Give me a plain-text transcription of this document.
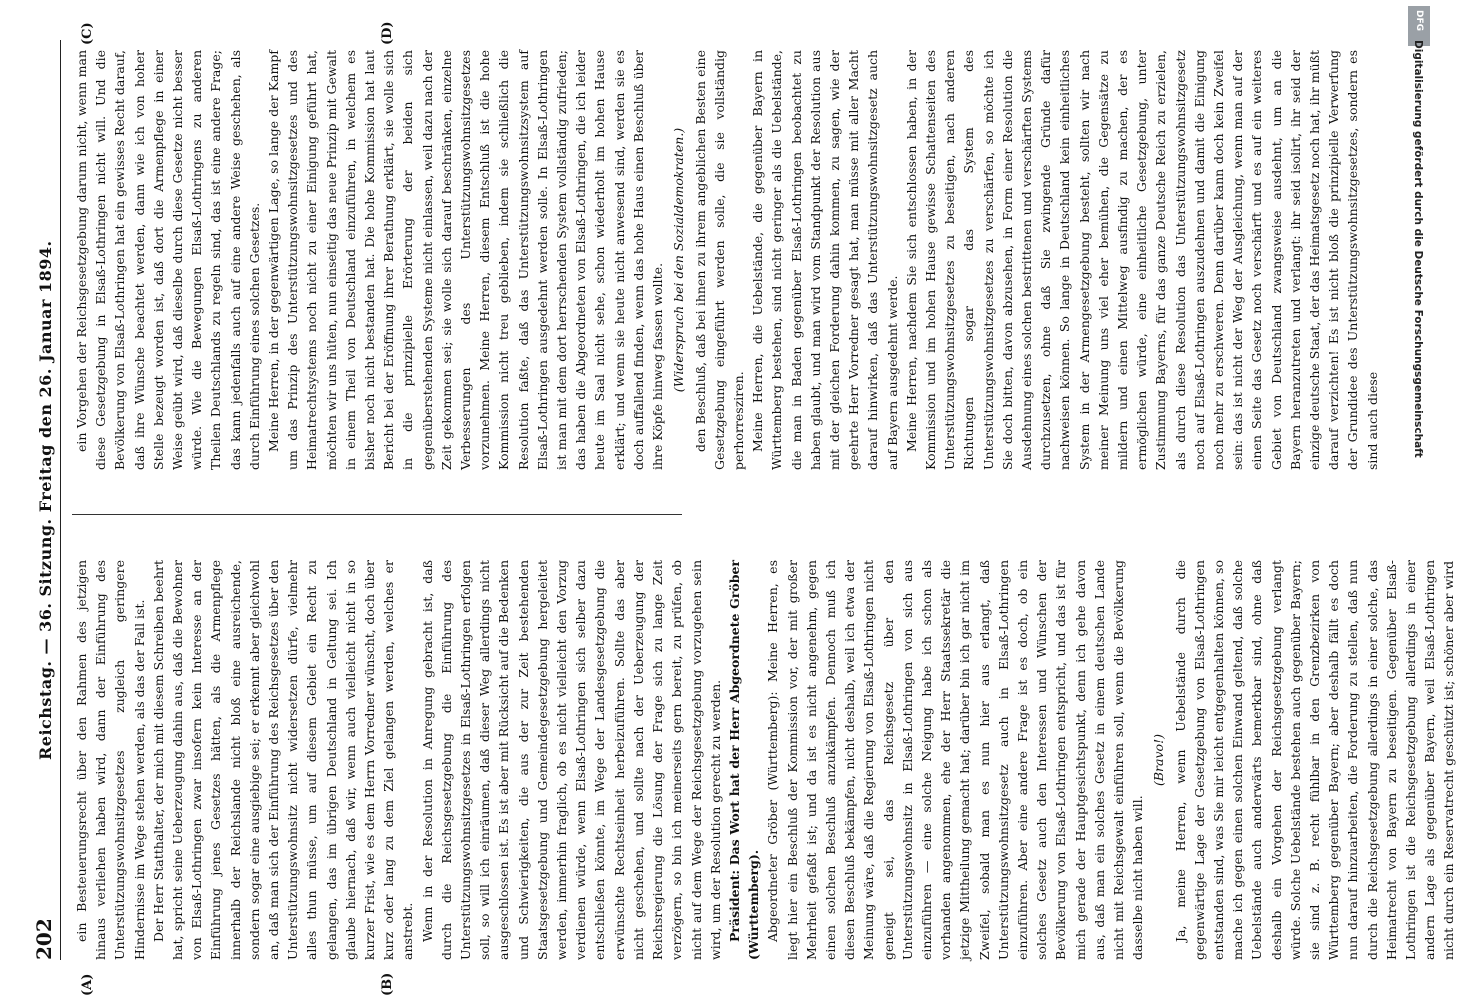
202
Reichstag. — 36. Sitzung. Freitag den 26. Januar 1894.
(A)	(B)
(C)	(D)

ein Besteuerungsrecht über den Rahmen des jetzigen hinaus verliehen haben wird, dann der Einführung des Unterstützungswohnsitzgesetzes zugleich geringere Hindernisse im Wege stehen werden, als das der Fall ist. Der Herr Statthalter, der mich mit diesem Schreiben beehrt hat, spricht seine Ueberzeugung dahin aus, daß die Bewohner von Elsaß-Lothringen zwar insofern kein Interesse an der Einführung jenes Gesetzes hätten, als die Armenpflege innerhalb der Reichslande nicht bloß eine ausreichende, sondern sogar eine ausgiebige sei; er erkennt aber gleichwohl an, daß man sich der Einführung des Reichsgesetzes über den Unterstützungswohnsitz nicht widersetzen dürfe, vielmehr alles thun müsse, um auf diesem Gebiet ein Recht zu gelangen, das im übrigen Deutschland in Geltung sei. Ich glaube hiernach, daß wir, wenn auch vielleicht nicht in so kurzer Frist, wie es dem Herrn Vorredner wünscht, doch über kurz oder lang zu dem Ziel gelangen werden, welches er anstrebt. Wenn in der Resolution in Anregung gebracht ist, daß durch die Reichsgesetzgebung die Einführung des Unterstützungswohnsitzgesetzes in Elsaß-Lothringen erfolgen soll, so will ich einräumen, daß dieser Weg allerdings nicht ausgeschlossen ist. Es ist aber mit Rücksicht auf die Bedenken und Schwierigkeiten, die aus der zur Zeit bestehenden Staatsgesetzgebung und Gemeindegesetzgebung hergeleitet werden, immerhin fraglich, ob es nicht vielleicht den Vorzug verdienen würde, wenn Elsaß-Lothringen sich selber dazu entschließen könnte, im Wege der Landesgesetzgebung die erwünschte Rechtseinheit herbeizuführen. Sollte das aber nicht geschehen, und sollte nach der Ueberzeugung der Reichsregierung die Lösung der Frage sich zu lange Zeit verzögern, so bin ich meinerseits gern bereit, zu prüfen, ob nicht auf dem Wege der Reichsgesetzgebung vorzugehen sein wird, um der Resolution gerecht zu werden. Präsident: Das Wort hat der Herr Abgeordnete Gröber (Württemberg). Abgeordneter Gröber (Württemberg): Meine Herren, es liegt hier ein Beschluß der Kommission vor, der mit großer Mehrheit gefaßt ist; und da ist es nicht angenehm, gegen einen solchen Beschluß anzukämpfen. Dennoch muß ich diesen Beschluß bekämpfen, nicht deshalb, weil ich etwa der Meinung wäre, daß die Regierung von Elsaß-Lothringen nicht geneigt sei, das Reichsgesetz über den Unterstützungswohnsitz in Elsaß-Lothringen von sich aus einzuführen — eine solche Neigung habe ich schon als vorhanden angenommen, ehe der Herr Staatssekretär die jetzige Mittheilung gemacht hat; darüber bin ich gar nicht im Zweifel, sobald man es nun hier aus erlangt, daß Unterstützungswohnsitzgesetz auch in Elsaß-Lothringen einzuführen. Aber eine andere Frage ist es doch, ob ein solches Gesetz auch den Interessen und Wünschen der Bevölkerung von Elsaß-Lothringen entspricht, und das ist für mich gerade der Hauptgesichtspunkt, denn ich gehe davon aus, daß man ein solches Gesetz in einem deutschen Lande nicht mit Reichsgewalt einführen soll, wenn die Bevölkerung dasselbe nicht haben will.

(Bravo!) Ja, meine Herren, wenn Uebelstände durch die gegenwärtige Lage der Gesetzgebung von Elsaß-Lothringen entstanden sind, was Sie mir leicht entgegenhalten können, so mache ich gegen einen solchen Einwand geltend, daß solche Uebelstände auch anderwärts bemerkbar sind, ohne daß deshalb ein Vorgehen der Reichsgesetzgebung verlangt würde. Solche Uebelstände bestehen auch gegenüber Bayern; sie sind z. B. recht fühlbar in den Grenzbezirken von Württemberg gegenüber Bayern; aber deshalb fällt es doch nun darauf hinzuarbeiten, die Forderung zu stellen, daß nun durch die Reichsgesetzgebung allerdings in einer solche, das Heimatrecht von Bayern zu beseitigen. Gegenüber Elsaß-Lothringen ist die Reichsgesetzgebung allerdings in einer andern Lage als gegenüber Bayern, weil Elsaß-Lothringen nicht durch ein Reservatrecht geschützt ist; schöner aber wird

ein Vorgehen der Reichsgesetzgebung darum nicht, wenn man diese Gesetzgebung in Elsaß-Lothringen nicht will. Und die Bevölkerung von Elsaß-Lothringen hat ein gewisses Recht darauf, daß ihre Wünsche beachtet werden, dann wie ich von hoher Stelle bezeugt worden ist, daß dort die Armenpflege in einer Weise geübt wird, daß dieselbe durch diese Gesetze nicht besser würde. Wie die Bewegungen Elsaß-Lothringens zu anderen Theilen Deutschlands zu regeln sind, das ist eine andere Frage; das kann jedenfalls auch auf eine andere Weise geschehen, als durch Einführung eines solchen Gesetzes. Meine Herren, in der gegenwärtigen Lage, so lange der Kampf um das Prinzip des Unterstützungswohnsitzgesetzes und des Heimatrechtsystems noch nicht zu einer Einigung geführt hat, möchten wir uns hüten, nun einseitig das neue Prinzip mit Gewalt in einem Theil von Deutschland einzuführen, in welchem es bisher noch nicht bestanden hat. Die hohe Kommission hat laut Bericht bei der Eröffnung ihrer Berathung erklärt, sie wolle sich in die prinzipielle Erörterung der beiden sich gegenüberstehenden Systeme nicht einlassen, weil dazu nach der Zeit gekommen sei; sie wolle sich darauf beschränken, einzelne Verbesserungen des Unterstützungswohnsitzgesetzes vorzunehmen. Meine Herren, diesem Entschluß ist die hohe Kommission nicht treu geblieben, indem sie schließlich die Resolution faßte, daß das Unterstützungswohnsitzsystem auf Elsaß-Lothringen ausgedehnt werden solle. In Elsaß-Lothringen ist man mit dem dort herrschenden System vollständig zufrieden; das haben die Abgeordneten von Elsaß-Lothringen, die ich leider heute im Saal nicht sehe, schon wiederholt im hohen Hause erklärt; und wenn sie heute nicht anwesend sind, werden sie es doch auffallend finden, wenn das hohe Haus einen Beschluß über ihre Köpfe hinweg fassen wollte. (Widerspruch bei den Sozialdemokraten.) den Beschluß, daß bei ihnen zu ihrem angeblichen Besten eine Gesetzgebung eingeführt werden solle, die sie vollständig perhorresziren. Meine Herren, die Uebelstände, die gegenüber Bayern in Württemberg bestehen, sind nicht geringer als die Uebelstände, die man in Baden gegenüber Elsaß-Lothringen beobachtet zu haben glaubt, und man wird vom Standpunkt der Resolution aus mit der gleichen Forderung dahin kommen, zu sagen, wie der geehrte Herr Vorredner gesagt hat, man müsse mit aller Macht darauf hinwirken, daß das Unterstützungswohnsitzgesetz auch auf Bayern ausgedehnt werde. Meine Herren, nachdem Sie sich entschlossen haben, in der Kommission und im hohen Hause gewisse Schattenseiten des Unterstützungswohnsitzgesetzes zu beseitigen, nach anderen Richtungen sogar das System des Unterstützungswohnsitzgesetzes zu verschärfen, so möchte ich Sie doch bitten, davon abzusehen, in Form einer Resolution die Ausdehnung eines solchen bestrittenen und verschärften Systems durchzusetzen, ohne daß Sie zwingende Gründe dafür nachweisen können. So lange in Deutschland kein einheitliches System in der Armengesetzgebung besteht, sollten wir nach meiner Meinung uns viel eher bemühen, die Gegensätze zu mildern und einen Mittelweg ausfindig zu machen, der es ermöglichen würde, eine einheitliche Gesetzgebung, unter Zustimmung Bayerns, für das ganze Deutsche Reich zu erzielen, als durch diese Resolution das Unterstützungswohnsitzgesetz noch auf Elsaß-Lothringen auszudehnen und damit die Einigung noch mehr zu erschweren. Denn darüber kann doch kein Zweifel sein: das ist nicht der Weg der Ausgleichung, wenn man auf der einen Seite das Gesetz noch verschärft und es auf ein weiteres Gebiet von Deutschland zwangsweise ausdehnt, um an die Bayern heranzutreten und verlangt: ihr seid isolirt, ihr seid der einzige deutsche Staat, der das Heimatsgesetz noch hat, ihr müßt darauf verzichten! Es ist nicht bloß die prinzipielle Verwerfung der Grundidee des Unterstützungswohnsitzgesetzes, sondern es sind auch diese

DFG
Digitalisierung gefördert durch die Deutsche Forschungsgemeinschaft
